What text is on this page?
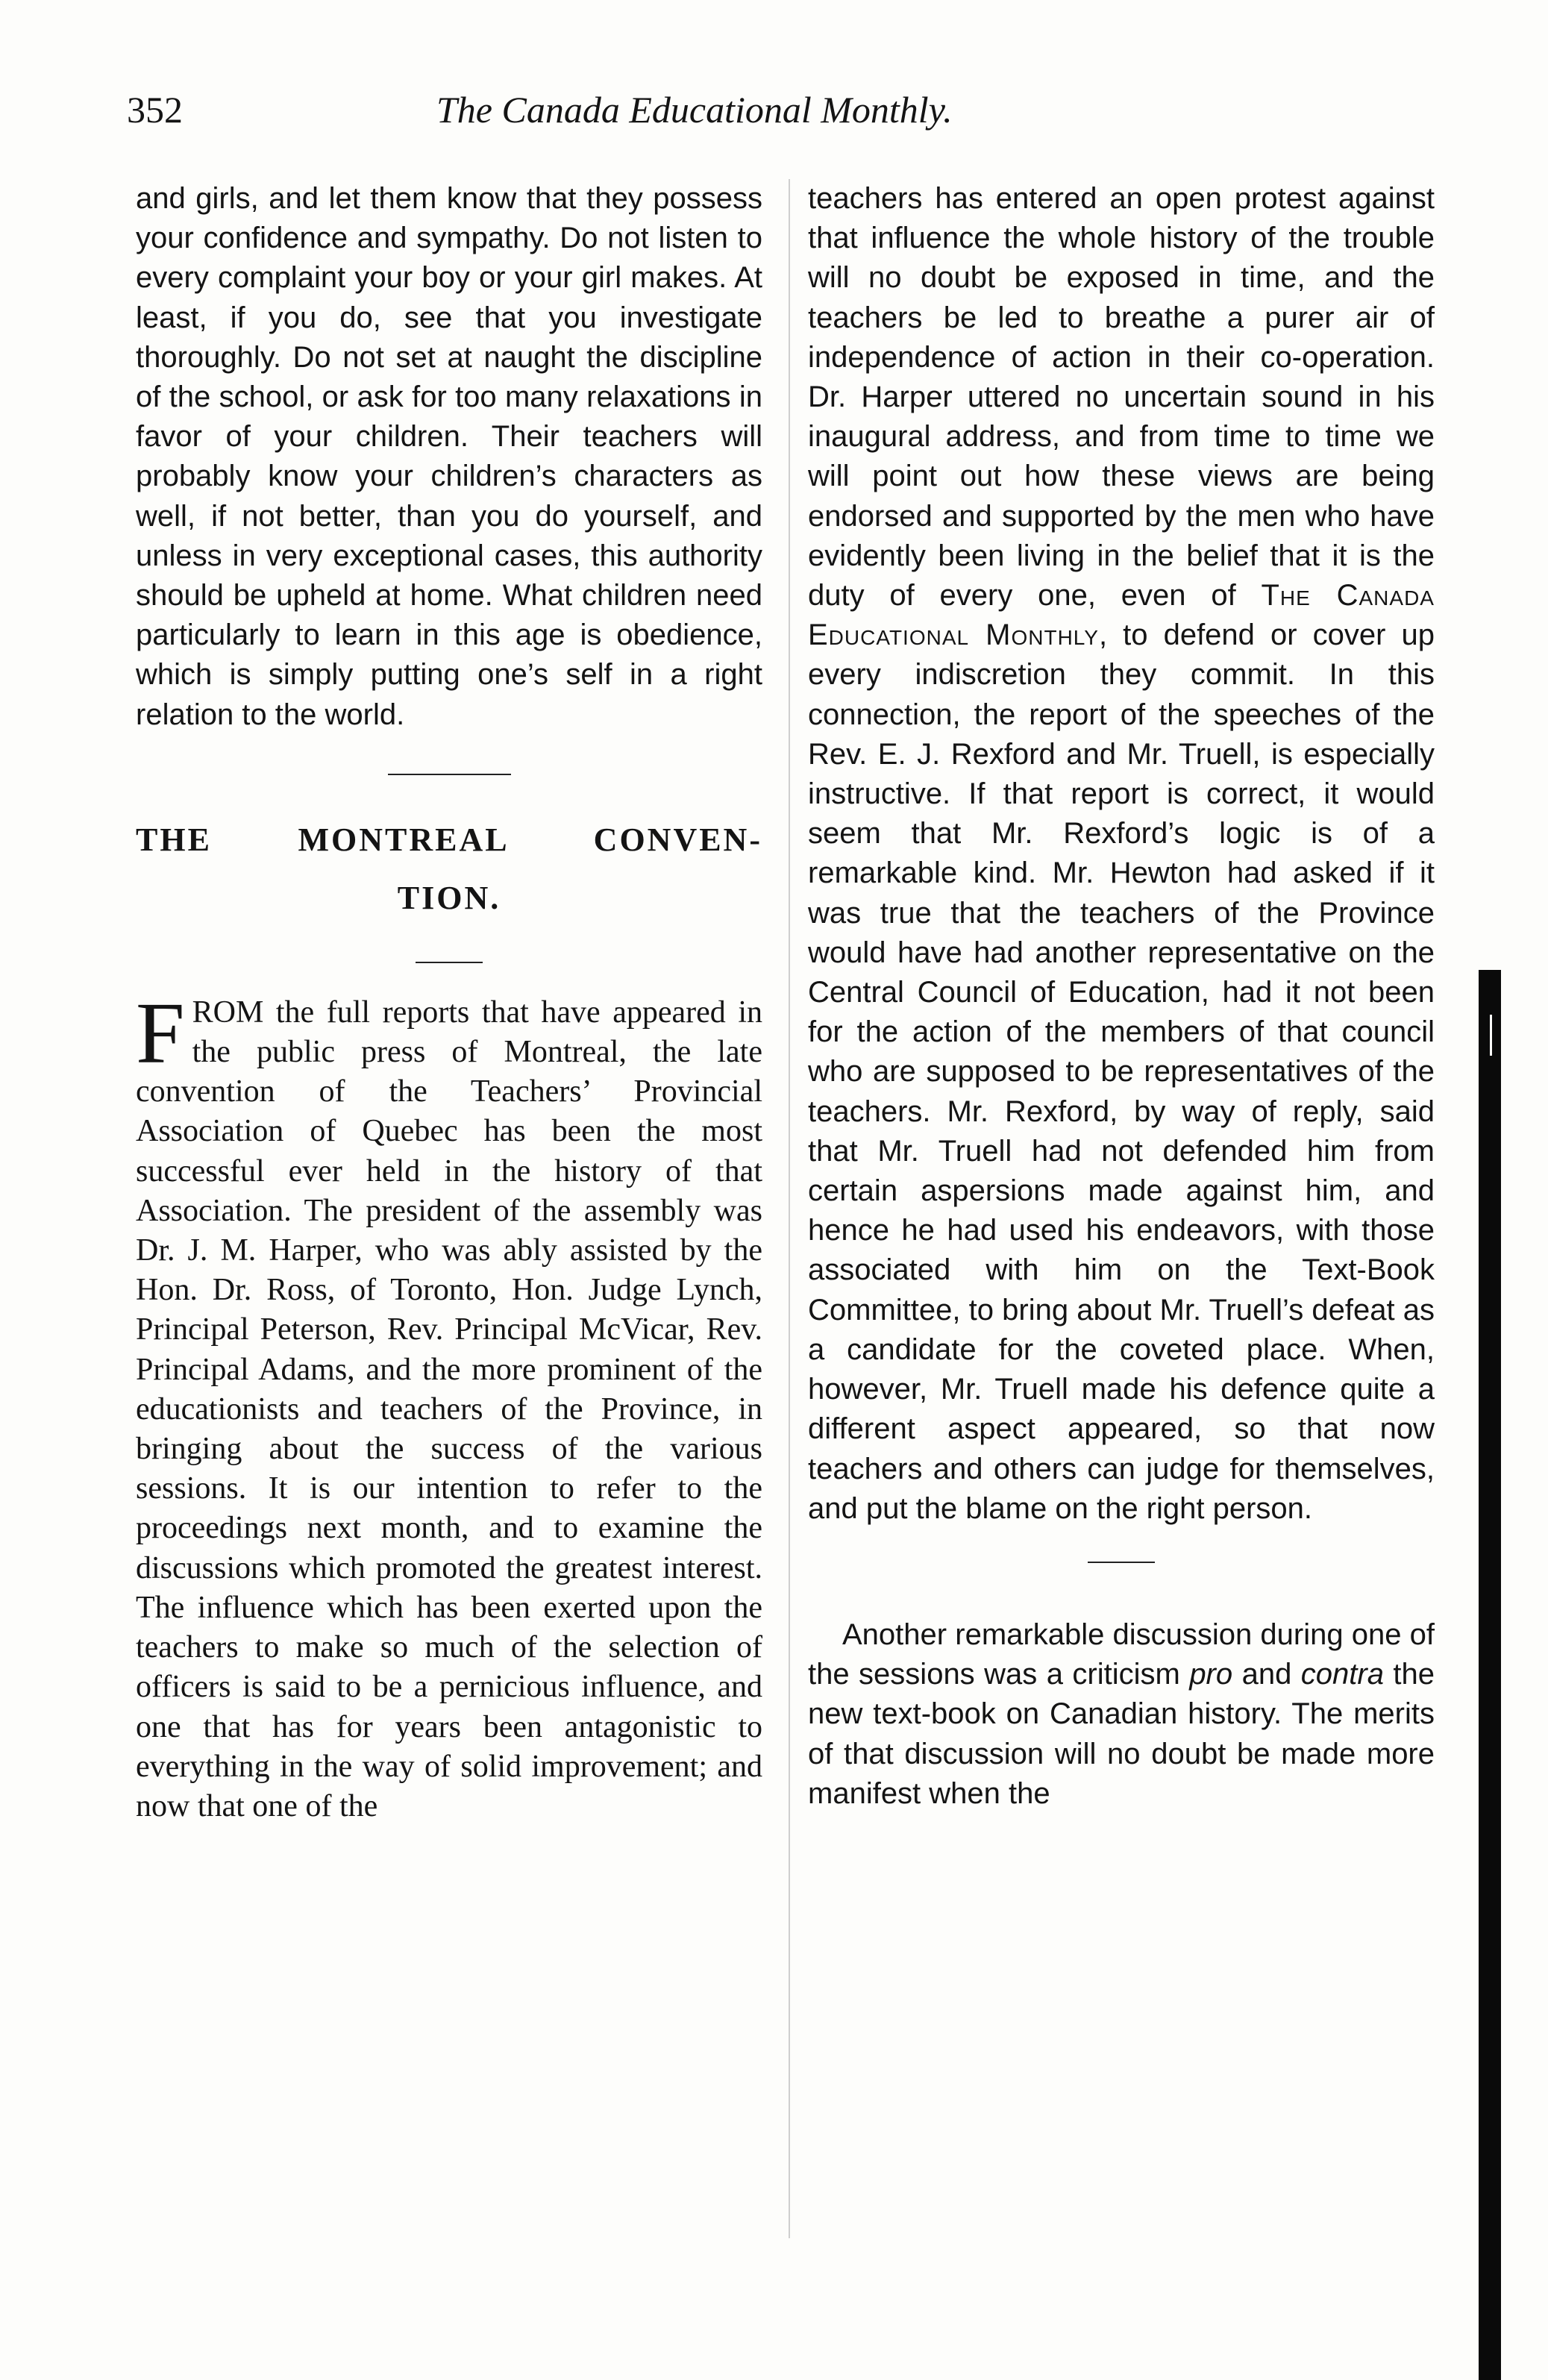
352	The Canada Educational Monthly.

and girls, and let them know that they possess your confidence and sympathy. Do not listen to every complaint your boy or your girl makes. At least, if you do, see that you investigate thoroughly. Do not set at naught the discipline of the school, or ask for too many relaxations in favor of your children. Their teachers will probably know your children’s characters as well, if not better, than you do yourself, and unless in very exceptional cases, this authority should be upheld at home. What children need particularly to learn in this age is obedience, which is simply putting one’s self in a right relation to the world.

THE MONTREAL CONVEN-
TION.

FROM the full reports that have appeared in the public press of Montreal, the late convention of the Teachers’ Provincial Association of Quebec has been the most successful ever held in the history of that Association. The president of the assembly was Dr. J. M. Harper, who was ably assisted by the Hon. Dr. Ross, of Toronto, Hon. Judge Lynch, Principal Peterson, Rev. Principal McVicar, Rev. Principal Adams, and the more prominent of the educationists and teachers of the Province, in bringing about the success of the various sessions. It is our intention to refer to the proceedings next month, and to examine the discussions which promoted the greatest interest. The influence which has been exerted upon the teachers to make so much of the selection of officers is said to be a pernicious influence, and one that has for years been antagonistic to everything in the way of solid improvement; and now that one of the

teachers has entered an open protest against that influence the whole history of the trouble will no doubt be exposed in time, and the teachers be led to breathe a purer air of independence of action in their co-operation. Dr. Harper uttered no uncertain sound in his inaugural address, and from time to time we will point out how these views are being endorsed and supported by the men who have evidently been living in the belief that it is the duty of every one, even of The Canada Educational Monthly, to defend or cover up every indiscretion they commit. In this connection, the report of the speeches of the Rev. E. J. Rexford and Mr. Truell, is especially instructive. If that report is correct, it would seem that Mr. Rexford’s logic is of a remarkable kind. Mr. Hewton had asked if it was true that the teachers of the Province would have had another representative on the Central Council of Education, had it not been for the action of the members of that council who are supposed to be representatives of the teachers. Mr. Rexford, by way of reply, said that Mr. Truell had not defended him from certain aspersions made against him, and hence he had used his endeavors, with those associated with him on the Text-Book Committee, to bring about Mr. Truell’s defeat as a candidate for the coveted place. When, however, Mr. Truell made his defence quite a different aspect appeared, so that now teachers and others can judge for themselves, and put the blame on the right person.

Another remarkable discussion during one of the sessions was a criticism pro and contra the new text-book on Canadian history. The merits of that discussion will no doubt be made more manifest when the
